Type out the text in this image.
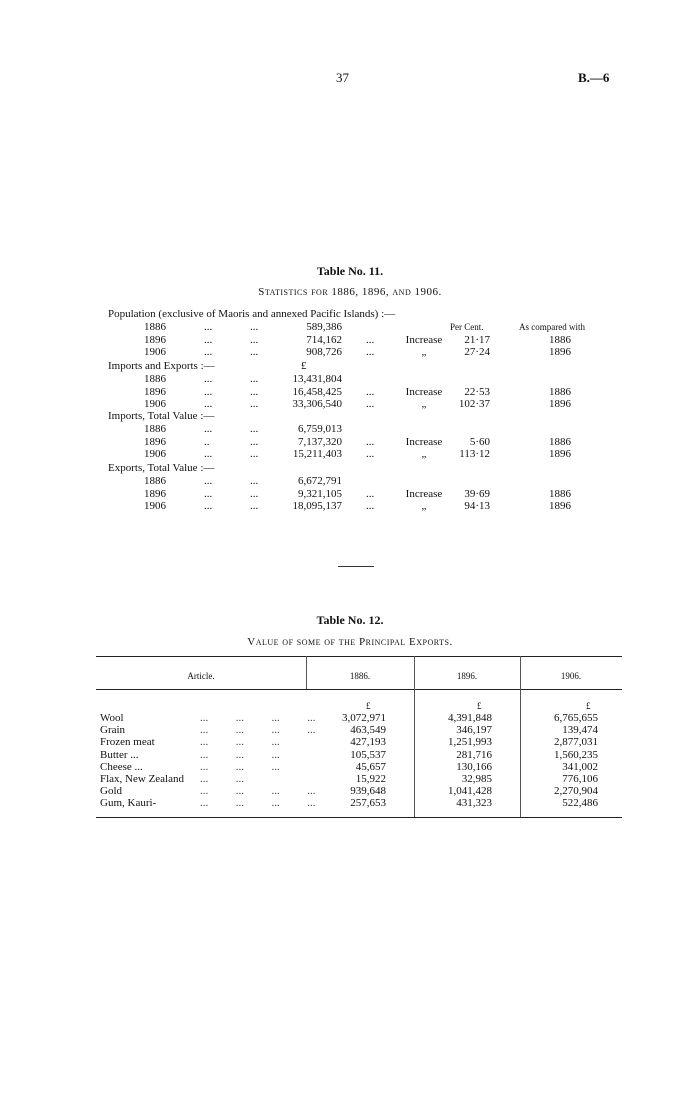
37	B.—6
Table No. 11.
Statistics for 1886, 1896, and 1906.
Population (exclusive of Maoris and annexed Pacific Islands) :—
Per Cent.	As compared with
1886	...	...	589,386
1896	...	...	714,162 ...	Increase	21·17	1886
1906	...	...	908,726 ...	„	27·24	1896
Imports and Exports :—	£
1886	...	...	13,431,804
1896	...	...	16,458,425 ...	Increase	22·53	1886
1906	...	...	33,306,540 ...	„	102·37	1896
Imports, Total Value :—
1886	...	...	6,759,013
1896	..	...	7,137,320 ...	Increase	5·60	1886
1906	...	...	15,211,403 ...	„	113·12	1896
Exports, Total Value :—
1886	...	...	6,672,791
1896	...	...	9,321,105 ...	Increase	39·69	1886
1906	...	...	18,095,137 ...	„	94·13	1896
Table No. 12.
Value of some of the Principal Exports.
Article.	1886.	1896.	1906.
£	£	£
Wool	...          ...          ...          ...	3,072,971	4,391,848	6,765,655
Grain	...          ...          ...          ...	463,549	346,197	139,474
Frozen meat	...          ...          ...	427,193	1,251,993	2,877,031
Butter ...	...          ...          ...	105,537	281,716	1,560,235
Cheese ...	...          ...          ...	45,657	130,166	341,002
Flax, New Zealand ...          ...	15,922	32,985	776,106
Gold	...          ...          ...          ...	939,648	1,041,428	2,270,904
Gum, Kauri-	...          ...          ...          ...	257,653	431,323	522,486
